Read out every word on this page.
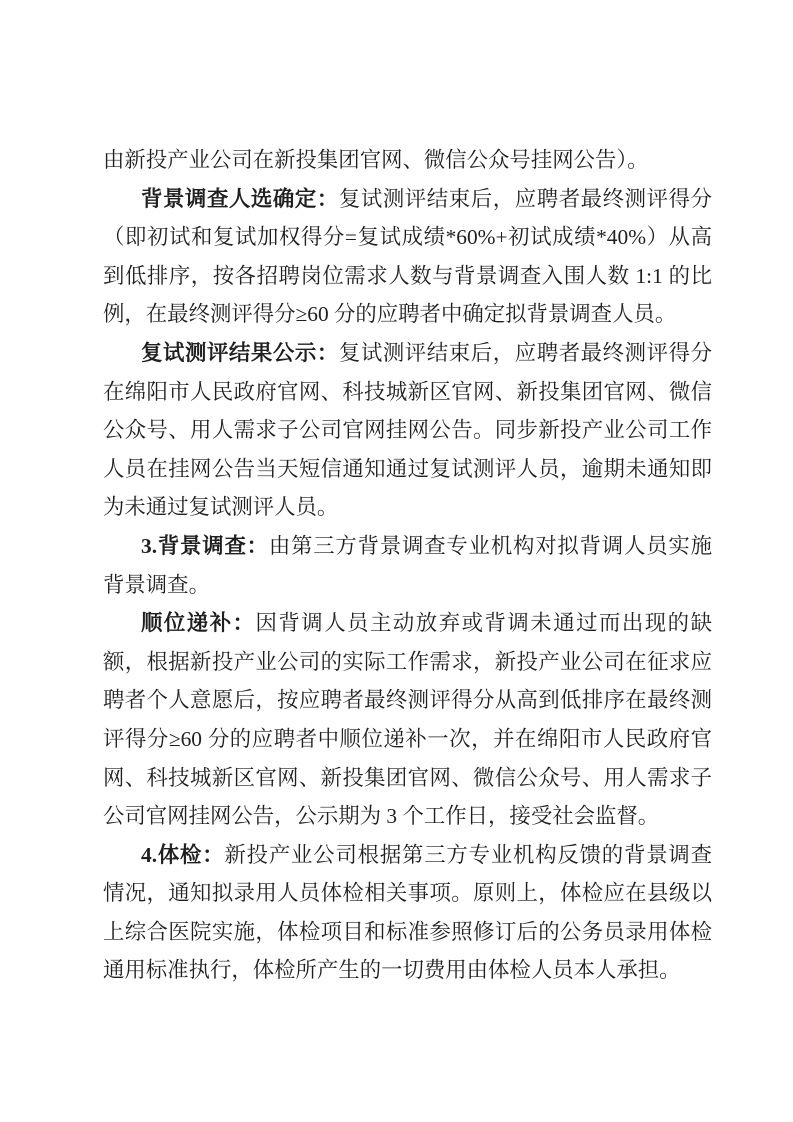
由新投产业公司在新投集团官网、微信公众号挂网公告）。

背景调查人选确定：复试测评结束后，应聘者最终测评得分（即初试和复试加权得分=复试成绩*60%+初试成绩*40%）从高到低排序，按各招聘岗位需求人数与背景调查入围人数 1:1 的比例，在最终测评得分≥60 分的应聘者中确定拟背景调查人员。

复试测评结果公示：复试测评结束后，应聘者最终测评得分在绵阳市人民政府官网、科技城新区官网、新投集团官网、微信公众号、用人需求子公司官网挂网公告。同步新投产业公司工作人员在挂网公告当天短信通知通过复试测评人员，逾期未通知即为未通过复试测评人员。

3.背景调查：由第三方背景调查专业机构对拟背调人员实施背景调查。

顺位递补：因背调人员主动放弃或背调未通过而出现的缺额，根据新投产业公司的实际工作需求，新投产业公司在征求应聘者个人意愿后，按应聘者最终测评得分从高到低排序在最终测评得分≥60 分的应聘者中顺位递补一次，并在绵阳市人民政府官网、科技城新区官网、新投集团官网、微信公众号、用人需求子公司官网挂网公告，公示期为 3 个工作日，接受社会监督。

4.体检：新投产业公司根据第三方专业机构反馈的背景调查情况，通知拟录用人员体检相关事项。原则上，体检应在县级以上综合医院实施，体检项目和标准参照修订后的公务员录用体检通用标准执行，体检所产生的一切费用由体检人员本人承担。
